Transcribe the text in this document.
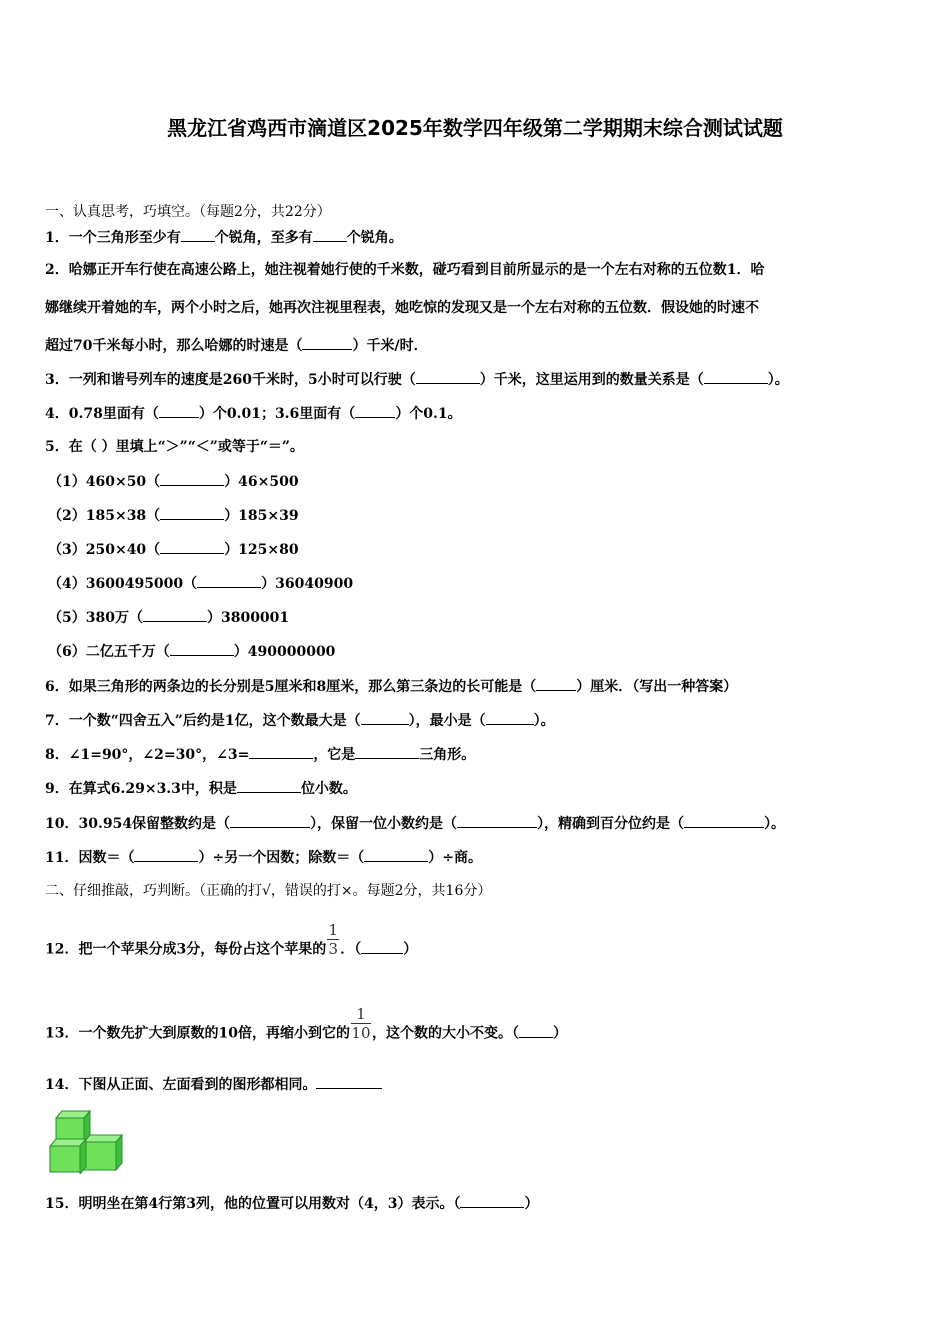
黑龙江省鸡西市滴道区2025年数学四年级第二学期期末综合测试试题
一、认真思考，巧填空。（每题2分，共22分）
1．一个三角形至少有 个锐角，至多有 个锐角。
2．哈娜正开车行使在高速公路上，她注视着她行使的千米数，碰巧看到目前所显示的是一个左右对称的五位数1．哈
娜继续开着她的车，两个小时之后，她再次注视里程表，她吃惊的发现又是一个左右对称的五位数．假设她的时速不
超过70千米每小时，那么哈娜的时速是（	）千米/时．
3．一列和谐号列车的速度是260千米时，5小时可以行驶（	）千米，这里运用到的数量关系是（	）。
4．0.78里面有（	）个0.01；3.6里面有（	）个0.1。
5．在（ ）里填上“＞”“＜”或等于“＝”。
（1）460×50（	）46×500
（2）185×38（	）185×39
（3）250×40（	）125×80
（4）3600495000（	）36040900
（5）380万（	）3800001
（6）二亿五千万（	）490000000
6．如果三角形的两条边的长分别是5厘米和8厘米，那么第三条边的长可能是（	）厘米．（写出一种答案）
7．一个数“四舍五入”后约是1亿，这个数最大是（	），最小是（	）。
8．∠1=90°，∠2=30°，∠3=	，它是	三角形。
9．在算式6.29×3.3中，积是	位小数。
10．30.954保留整数约是（	），保留一位小数约是（	），精确到百分位约是（	）。
11．因数＝（	）÷另一个因数；除数＝（	）÷商。
二、仔细推敲，巧判断。（正确的打√，错误的打×。每题2分，共16分）
12．把一个苹果分成3分，每份占这个苹果的 $\frac{1}{3}$ ．（	）
13．一个数先扩大到原数的10倍，再缩小到它的 $\frac{1}{10}$ ，这个数的大小不变。（ ）
14．下图从正面、左面看到的图形都相同。
15．明明坐在第4行第3列，他的位置可以用数对（4，3）表示。（	）
